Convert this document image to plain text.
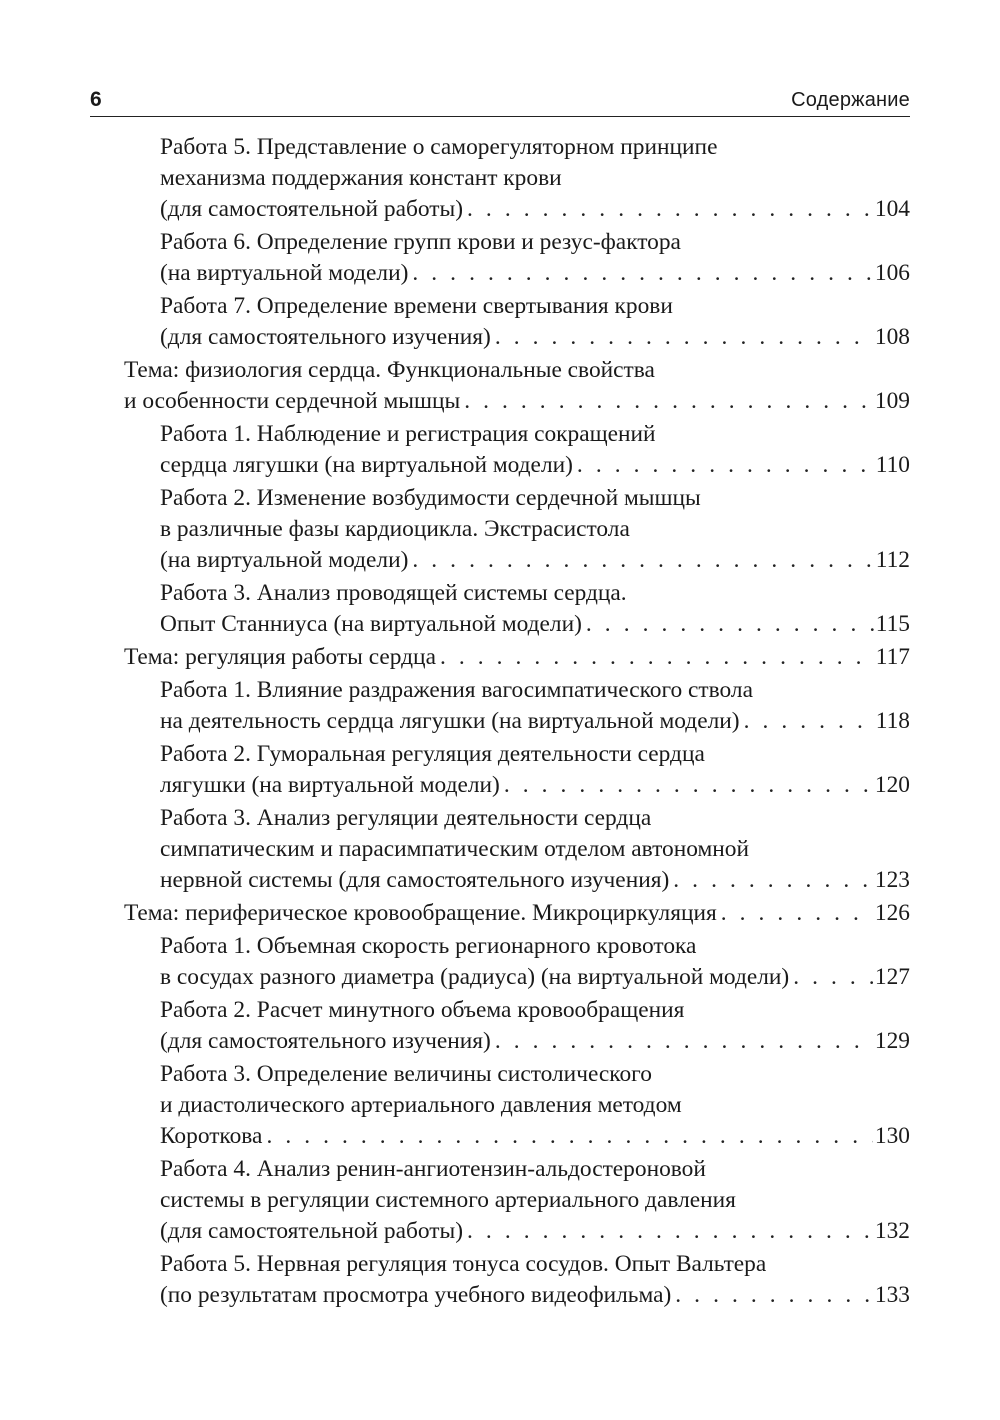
6	Содержание
Работа 5. Представление о саморегуляторном принципе
механизма поддержания констант крови
(для самостоятельной работы) . . .	104
Работа 6. Определение групп крови и резус-фактора
(на виртуальной модели) . . .	106
Работа 7. Определение времени свертывания крови
(для самостоятельного изучения) . . .	108
Тема: физиология сердца. Функциональные свойства
и особенности сердечной мышцы . . .	109
Работа 1. Наблюдение и регистрация сокращений
сердца лягушки (на виртуальной модели) . . .	110
Работа 2. Изменение возбудимости сердечной мышцы
в различные фазы кардиоцикла. Экстрасистола
(на виртуальной модели) . . .	112
Работа 3. Анализ проводящей системы сердца.
Опыт Станниуса (на виртуальной модели) . . .	115
Тема: регуляция работы сердца . . .	117
Работа 1. Влияние раздражения вагосимпатического ствола
на деятельность сердца лягушки (на виртуальной модели) . . .	118
Работа 2. Гуморальная регуляция деятельности сердца
лягушки (на виртуальной модели) . . .	120
Работа 3. Анализ регуляции деятельности сердца
симпатическим и парасимпатическим отделом автономной
нервной системы (для самостоятельного изучения) . . .	123
Тема: периферическое кровообращение. Микроциркуляция . . .	126
Работа 1. Объемная скорость регионарного кровотока
в сосудах разного диаметра (радиуса) (на виртуальной модели) . . .	127
Работа 2. Расчет минутного объема кровообращения
(для самостоятельного изучения) . . .	129
Работа 3. Определение величины систолического
и диастолического артериального давления методом
Короткова . . .	130
Работа 4. Анализ ренин-ангиотензин-альдостероновой
системы в регуляции системного артериального давления
(для самостоятельной работы) . . .	132
Работа 5. Нервная регуляция тонуса сосудов. Опыт Вальтера
(по результатам просмотра учебного видеофильма) . . .	133
